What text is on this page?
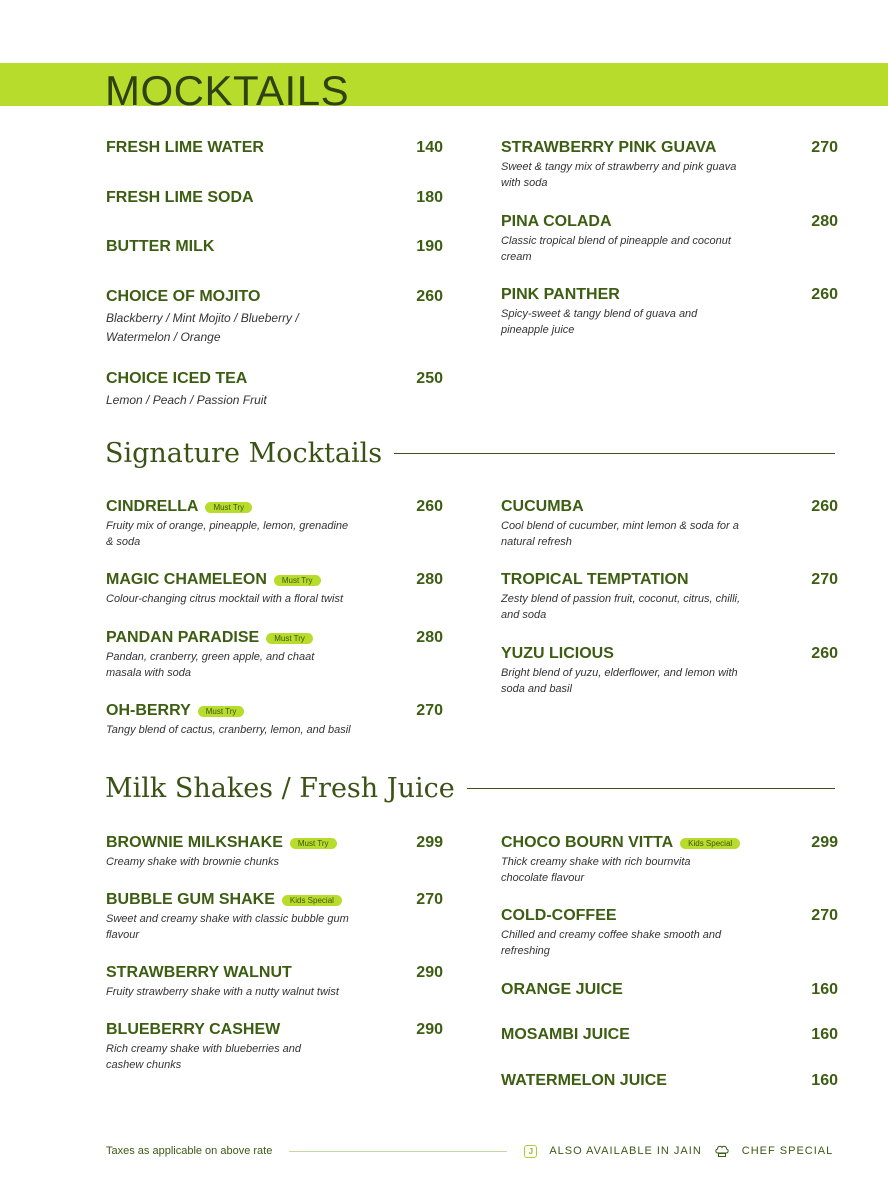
MOCKTAILS
FRESH LIME WATER	140
FRESH LIME SODA	180
BUTTER MILK	190
CHOICE OF MOJITO	260
Blackberry / Mint Mojito / Blueberry / Watermelon / Orange
CHOICE ICED TEA	250
Lemon / Peach / Passion Fruit
STRAWBERRY PINK GUAVA	270
Sweet & tangy mix of strawberry and pink guava with soda
PINA COLADA	280
Classic tropical blend of pineapple and coconut cream
PINK PANTHER	260
Spicy-sweet & tangy blend of guava and pineapple juice
Signature Mocktails
CINDRELLA	Must Try	260
Fruity mix of orange, pineapple, lemon, grenadine & soda
MAGIC CHAMELEON	Must Try	280
Colour-changing citrus mocktail with a floral twist
PANDAN PARADISE	Must Try	280
Pandan, cranberry, green apple, and chaat masala with soda
OH-BERRY	Must Try	270
Tangy blend of cactus, cranberry, lemon, and basil
CUCUMBA	260
Cool blend of cucumber, mint lemon & soda for a natural refresh
TROPICAL TEMPTATION	270
Zesty blend of passion fruit, coconut, citrus, chilli, and soda
YUZU LICIOUS	260
Bright blend of yuzu, elderflower, and lemon with soda and basil
Milk Shakes / Fresh Juice
BROWNIE MILKSHAKE	Must Try	299
Creamy shake with brownie chunks
BUBBLE GUM SHAKE	Kids Special	270
Sweet and creamy shake with classic bubble gum flavour
STRAWBERRY WALNUT	290
Fruity strawberry shake with a nutty walnut twist
BLUEBERRY CASHEW	290
Rich creamy shake with blueberries and cashew chunks
CHOCO BOURN VITTA	Kids Special	299
Thick creamy shake with rich bournvita chocolate flavour
COLD-COFFEE	270
Chilled and creamy coffee shake smooth and refreshing
ORANGE JUICE	160
MOSAMBI JUICE	160
WATERMELON JUICE	160
Taxes as applicable on above rate	J	ALSO AVAILABLE IN JAIN	CHEF SPECIAL
